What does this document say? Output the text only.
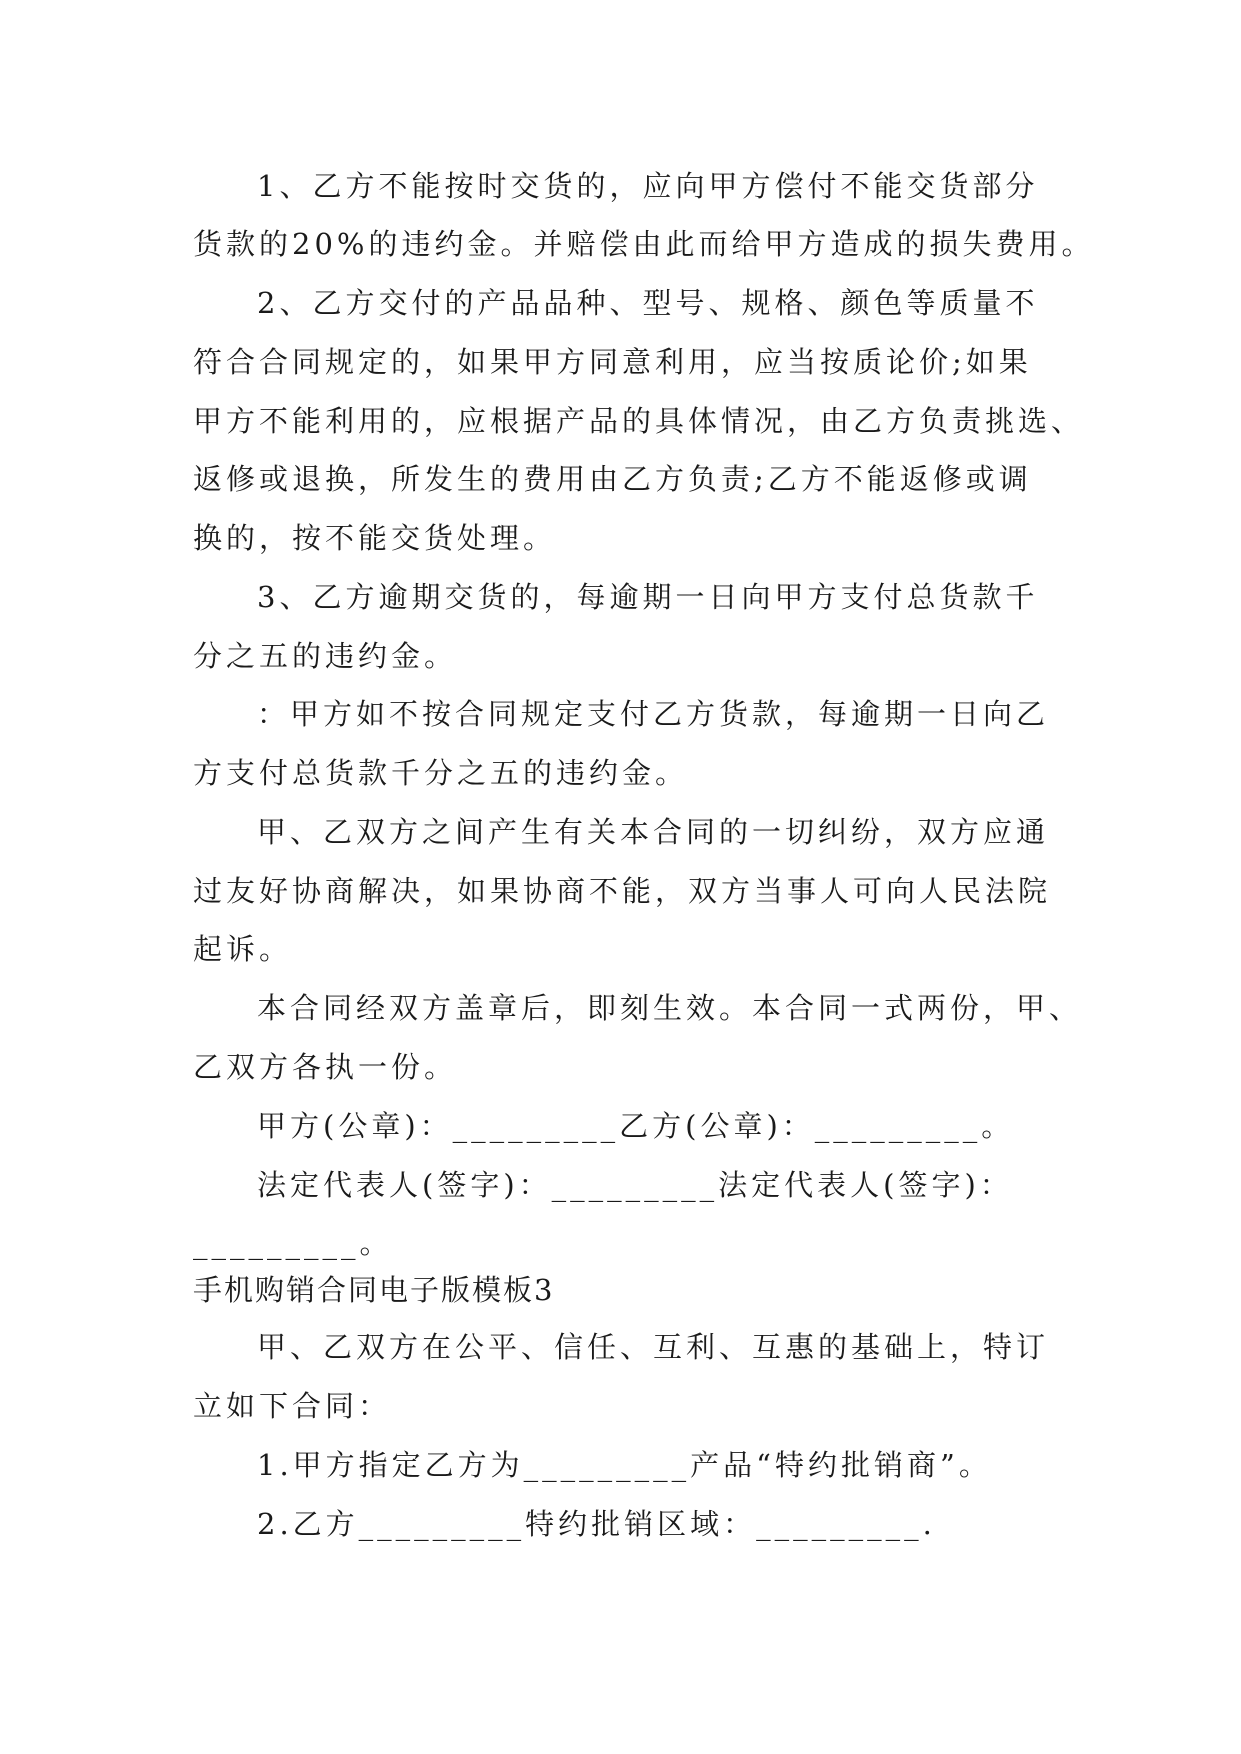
1、乙方不能按时交货的，应向甲方偿付不能交货部分
货款的20%的违约金。并赔偿由此而给甲方造成的损失费用。
2、乙方交付的产品品种、型号、规格、颜色等质量不
符合合同规定的，如果甲方同意利用，应当按质论价;如果
甲方不能利用的，应根据产品的具体情况，由乙方负责挑选、
返修或退换，所发生的费用由乙方负责;乙方不能返修或调
换的，按不能交货处理。
3、乙方逾期交货的，每逾期一日向甲方支付总货款千
分之五的违约金。
：甲方如不按合同规定支付乙方货款，每逾期一日向乙
方支付总货款千分之五的违约金。
甲、乙双方之间产生有关本合同的一切纠纷，双方应通
过友好协商解决，如果协商不能，双方当事人可向人民法院
起诉。
本合同经双方盖章后，即刻生效。本合同一式两份，甲、
乙双方各执一份。
甲方(公章)：_________乙方(公章)：_________。
法定代表人(签字)：_________法定代表人(签字)：
_________。
手机购销合同电子版模板3
甲、乙双方在公平、信任、互利、互惠的基础上，特订
立如下合同：
1.甲方指定乙方为_________产品“特约批销商”。
2.乙方_________特约批销区域：_________.
